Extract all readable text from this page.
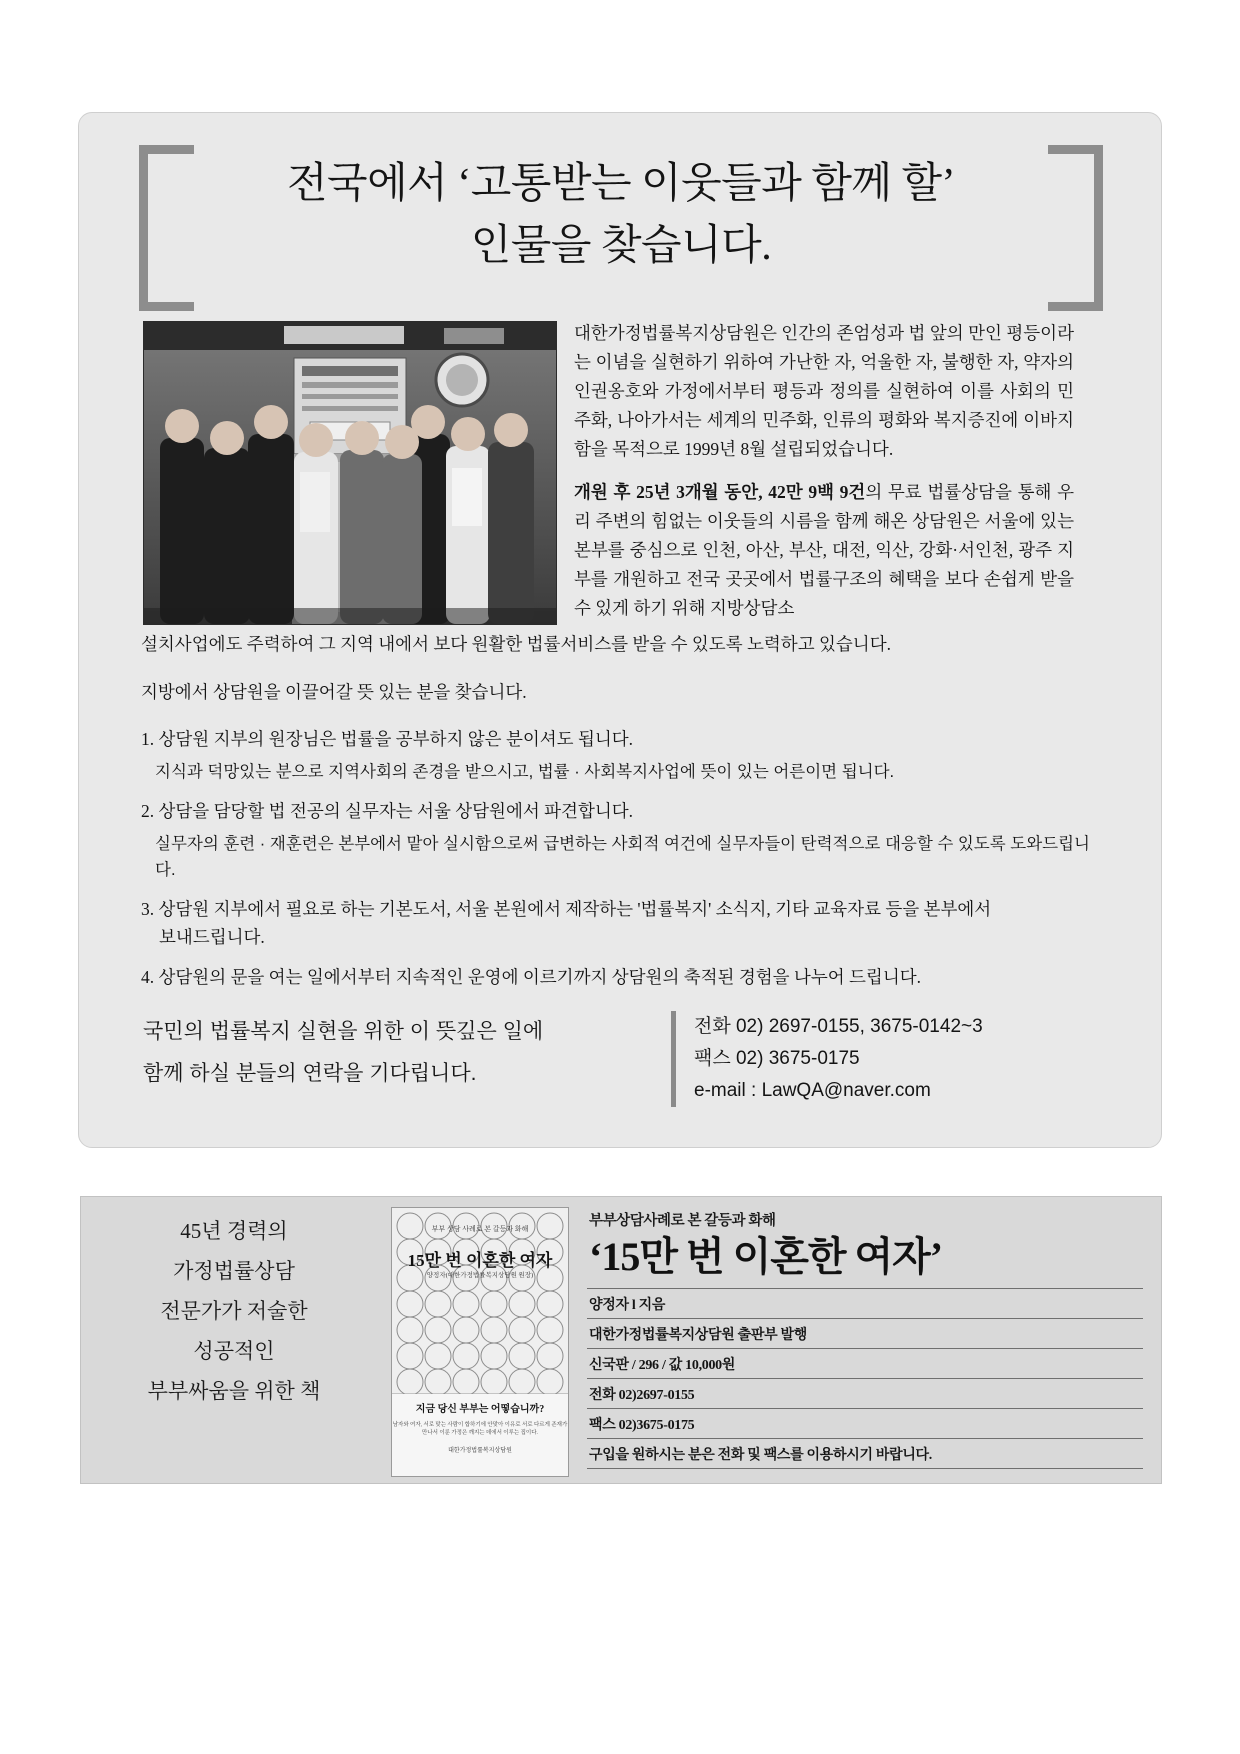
전국에서 ‘고통받는 이웃들과 함께 할’
인물을 찾습니다.

대한가정법률복지상담원은 인간의 존엄성과 법 앞의 만인 평등이라는 이념을 실현하기 위하여 가난한 자, 억울한 자, 불행한 자, 약자의 인권옹호와 가정에서부터 평등과 정의를 실현하여 이를 사회의 민주화, 나아가서는 세계의 민주화, 인류의 평화와 복지증진에 이바지함을 목적으로 1999년 8월 설립되었습니다.

개원 후 25년 3개월 동안, 42만 9백 9건의 무료 법률상담을 통해 우리 주변의 힘없는 이웃들의 시름을 함께 해온 상담원은 서울에 있는 본부를 중심으로 인천, 아산, 부산, 대전, 익산, 강화·서인천, 광주 지부를 개원하고 전국 곳곳에서 법률구조의 혜택을 보다 손쉽게 받을 수 있게 하기 위해 지방상담소

설치사업에도 주력하여 그 지역 내에서 보다 원활한 법률서비스를 받을 수 있도록 노력하고 있습니다.

지방에서 상담원을 이끌어갈 뜻 있는 분을 찾습니다.

1. 상담원 지부의 원장님은 법률을 공부하지 않은 분이셔도 됩니다.
지식과 덕망있는 분으로 지역사회의 존경을 받으시고, 법률 · 사회복지사업에 뜻이 있는 어른이면 됩니다.
2. 상담을 담당할 법 전공의 실무자는 서울 상담원에서 파견합니다.
실무자의 훈련 · 재훈련은 본부에서 맡아 실시함으로써 급변하는 사회적 여건에 실무자들이 탄력적으로 대응할 수 있도록 도와드립니다.
3. 상담원 지부에서 필요로 하는 기본도서, 서울 본원에서 제작하는 '법률복지' 소식지, 기타 교육자료 등을 본부에서
보내드립니다.
4. 상담원의 문을 여는 일에서부터 지속적인 운영에 이르기까지 상담원의 축적된 경험을 나누어 드립니다.
국민의 법률복지 실현을 위한 이 뜻깊은 일에
함께 하실 분들의 연락을 기다립니다.
전화 02) 2697-0155, 3675-0142~3
팩스 02) 3675-0175
e-mail : LawQA@naver.com
45년 경력의
가정법률상담
전문가가 저술한
성공적인
부부싸움을 위한 책
부부 상담 사례로 본 갈등과 화해
15만 번 이혼한 여자
양정자(대한가정법률복지상담원 원장)
지금 당신 부부는 어떻습니까?
남자와 여자, 서로 맞는 사람이 합하기에 안맞아 이유로 서로 다르게 존재가 만나서 이룬 가정은 깨지는 데에서 이루는 집이다.
대한가정법률복지상담원
부부상담사례로 본 갈등과 화해
‘15만 번 이혼한 여자’
양정자 l 지음
대한가정법률복지상담원 출판부 발행
신국판 / 296 / 값 10,000원
전화 02)2697-0155
팩스 02)3675-0175
구입을 원하시는 분은 전화 및 팩스를 이용하시기 바랍니다.
